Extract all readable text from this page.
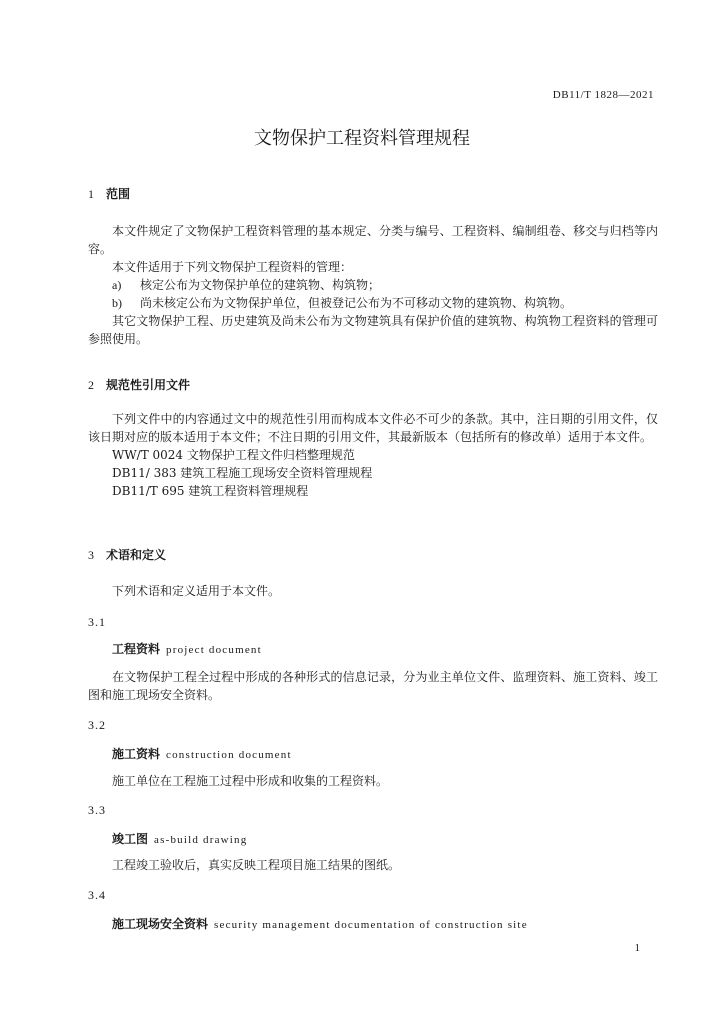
DB11/T 1828—2021
文物保护工程资料管理规程
1 范围

本文件规定了文物保护工程资料管理的基本规定、分类与编号、工程资料、编制组卷、移交与归档等内容。

本文件适用于下列文物保护工程资料的管理：

a) 核定公布为文物保护单位的建筑物、构筑物；

b) 尚未核定公布为文物保护单位，但被登记公布为不可移动文物的建筑物、构筑物。

其它文物保护工程、历史建筑及尚未公布为文物建筑具有保护价值的建筑物、构筑物工程资料的管理可参照使用。

2 规范性引用文件

下列文件中的内容通过文中的规范性引用而构成本文件必不可少的条款。其中，注日期的引用文件，仅该日期对应的版本适用于本文件；不注日期的引用文件，其最新版本（包括所有的修改单）适用于本文件。

WW/T 0024 文物保护工程文件归档整理规范

DB11/ 383 建筑工程施工现场安全资料管理规程

DB11/T 695 建筑工程资料管理规程

3 术语和定义

下列术语和定义适用于本文件。

3.1
工程资料 project document

在文物保护工程全过程中形成的各种形式的信息记录，分为业主单位文件、监理资料、施工资料、竣工图和施工现场安全资料。

3.2
施工资料 construction document

施工单位在工程施工过程中形成和收集的工程资料。

3.3
竣工图 as-build drawing

工程竣工验收后，真实反映工程项目施工结果的图纸。

3.4
施工现场安全资料 security management documentation of construction site
1
